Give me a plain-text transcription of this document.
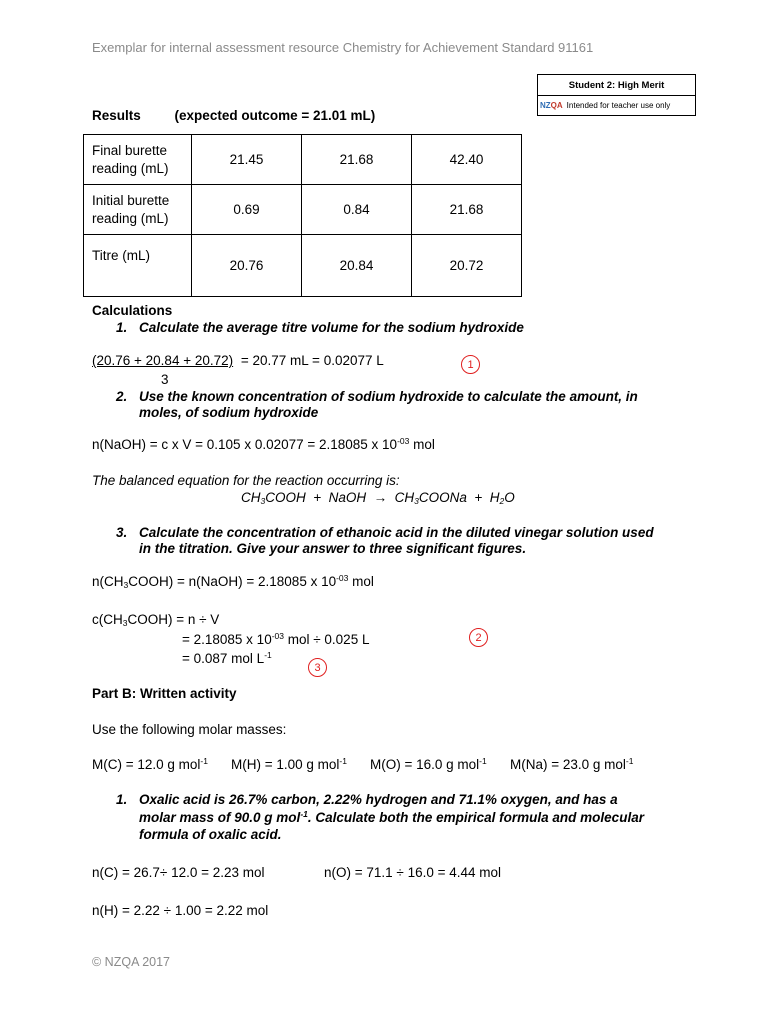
Exemplar for internal assessment resource Chemistry for Achievement Standard 91161
Student 2: High Merit
NZQA Intended for teacher use only
Results	(expected outcome = 21.01 mL)
Final burette reading (mL)	21.45	21.68	42.40
Initial burette reading (mL)	0.69	0.84	21.68
Titre (mL)	20.76	20.84	20.72
Calculations
1. Calculate the average titre volume for the sodium hydroxide
(20.76 + 20.84 + 20.72) = 20.77 mL = 0.02077 L
3
1
2. Use the known concentration of sodium hydroxide to calculate the amount, in moles, of sodium hydroxide
n(NaOH) = c x V = 0.105 x 0.02077 = 2.18085 x $10^{-03}$ mol
The balanced equation for the reaction occurring is:
$CH_3COOH$  +  NaOH  →  $CH_3COONa + H_2O$
3. Calculate the concentration of ethanoic acid in the diluted vinegar solution used in the titration. Give your answer to three significant figures.
$n(CH_3COOH)$ = n(NaOH) = 2.18085 x $10^{-03}$ mol
$c(CH_3COOH) = n \div V$
= 2.18085 x $10^{-03}$ mol ÷ 0.025 L
= 0.087 mol $L^{-1}$
2
3
Part B: Written activity
Use the following molar masses:
M(C) = 12.0 g mol$^{-1}$ M(H) = 1.00 g mol$^{-1}$ M(O) = 16.0 g mol$^{-1}$ M(Na) = 23.0 g mol$^{-1}$
1. Oxalic acid is 26.7% carbon, 2.22% hydrogen and 71.1% oxygen, and has a
molar mass of 90.0 g mol$^{-1}$. Calculate both the empirical formula and molecular
formula of oxalic acid.
n(C) = 26.7÷ 12.0 = 2.23 mol	n(O) = 71.1 ÷ 16.0 = 4.44 mol
n(H) = 2.22 ÷ 1.00 = 2.22 mol
© NZQA 2017
